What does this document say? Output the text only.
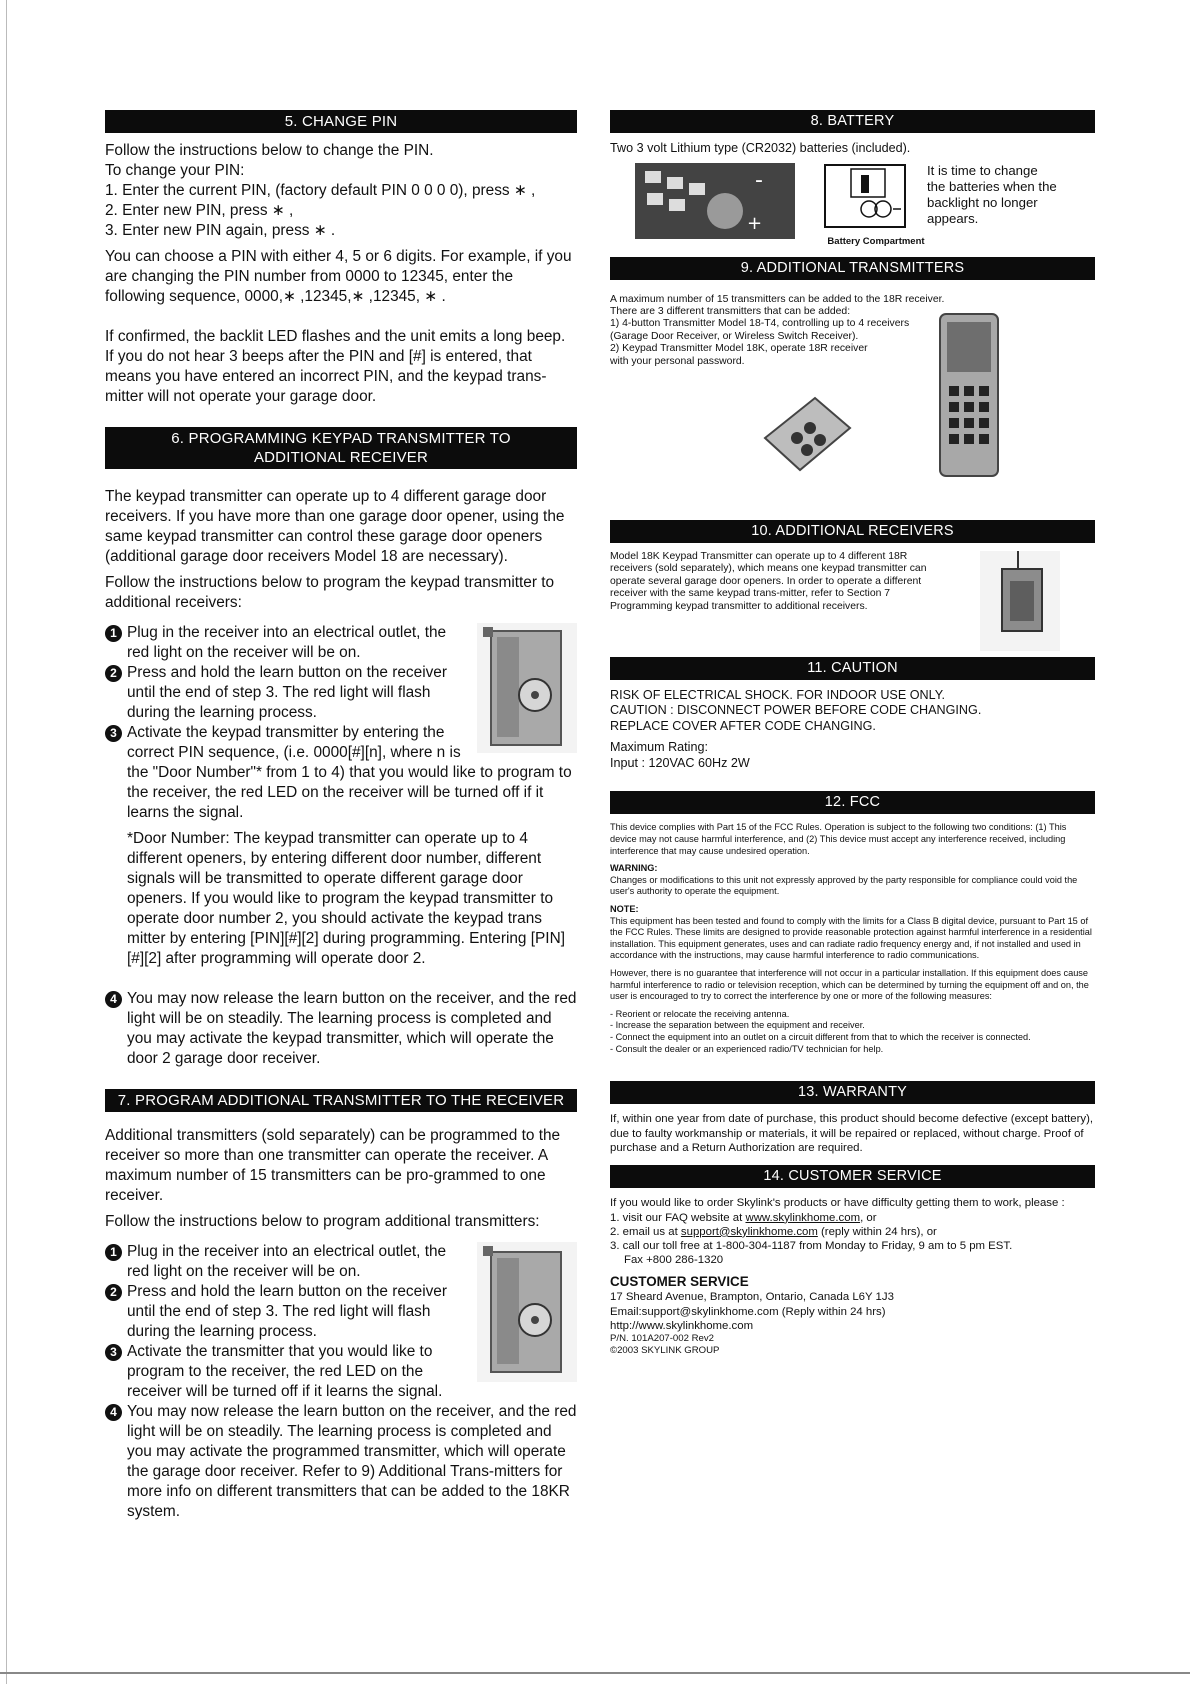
5. CHANGE PIN

Follow the instructions below to change the PIN.

To change your PIN:

1. Enter the current PIN, (factory default PIN 0 0 0 0), press ∗ ,

2. Enter new PIN, press ∗ ,

3. Enter new PIN again, press ∗ .

You can choose a PIN with either 4, 5 or 6 digits. For example, if you are changing the PIN number from 0000 to 12345, enter the following sequence, 0000,∗ ,12345,∗ ,12345, ∗ .

If confirmed, the backlit LED flashes and the unit emits a long beep.

If you do not hear 3 beeps after the PIN and [#] is entered, that means you have entered an incorrect PIN, and the keypad trans-mitter will not operate your garage door.

6. PROGRAMMING KEYPAD TRANSMITTER TO
ADDITIONAL RECEIVER

The keypad transmitter can operate up to 4 different garage door receivers. If you have more than one garage door opener, using the same keypad transmitter can control these garage door openers (additional garage door receivers Model 18 are necessary).

Follow the instructions below to program the keypad transmitter to additional receivers:

1 Plug in the receiver into an electrical outlet, the red light on the receiver will be on.
2 Press and hold the learn button on the receiver until the end of step 3. The red light will flash during the learning process.
3 Activate the keypad transmitter by entering the correct PIN sequence, (i.e. 0000[#][n], where n is the "Door Number"* from 1 to 4) that you would like to program to the receiver, the red LED on the receiver will be turned off if it learns the signal.

*Door Number: The keypad transmitter can operate up to 4 different openers, by entering different door number, different signals will be transmitted to operate different garage door openers. If you would like to program the keypad transmitter to operate door number 2, you should activate the keypad trans mitter by entering [PIN][#][2] during programming. Entering [PIN][#][2] after programming will operate door 2.

4 You may now release the learn button on the receiver, and the red light will be on steadily. The learning process is completed and you may activate the keypad transmitter, which will operate the door 2 garage door receiver.
7. PROGRAM ADDITIONAL TRANSMITTER TO THE RECEIVER

Additional transmitters (sold separately) can be programmed to the receiver so more than one transmitter can operate the receiver. A maximum number of 15 transmitters can be pro-grammed to one receiver.

Follow the instructions below to program additional transmitters:

1 Plug in the receiver into an electrical outlet, the red light on the receiver will be on.
2 Press and hold the learn button on the receiver until the end of step 3. The red light will flash during the learning process.
3 Activate the transmitter that you would like to program to the receiver, the red LED on the receiver will be turned off if it learns the signal.
4 You may now release the learn button on the receiver, and the red light will be on steadily. The learning process is completed and you may activate the programmed transmitter, which will operate the garage door receiver. Refer to 9) Additional Trans-mitters for more info on different transmitters that can be added to the 18KR system.
8. BATTERY

Two 3 volt Lithium type (CR2032) batteries (included).

-
+
Battery Compartment

It is time to change the batteries when the backlight no longer appears.

9. ADDITIONAL TRANSMITTERS

A maximum number of 15 transmitters can be added to the 18R receiver.

There are 3 different transmitters that can be added:

1) 4-button Transmitter Model 18-T4, controlling up to 4 receivers

(Garage Door Receiver, or Wireless Switch Receiver).

2) Keypad Transmitter Model 18K, operate 18R receiver

with your personal password.

10. ADDITIONAL RECEIVERS

Model 18K Keypad Transmitter can operate up to 4 different 18R receivers (sold separately), which means one keypad transmitter can operate several garage door openers. In order to operate a different receiver with the same keypad trans-mitter, refer to Section 7 Programming keypad transmitter to additional receivers.

11. CAUTION

RISK OF ELECTRICAL SHOCK. FOR INDOOR USE ONLY.

CAUTION : DISCONNECT POWER BEFORE CODE CHANGING.

REPLACE COVER AFTER CODE CHANGING.

Maximum Rating:

Input : 120VAC 60Hz 2W

12. FCC

This device complies with Part 15 of the FCC Rules. Operation is subject to the following two conditions: (1) This device may not cause harmful interference, and (2) This device must accept any interference received, including interference that may cause undesired operation.

WARNING:

Changes or modifications to this unit not expressly approved by the party responsible for compliance could void the user's authority to operate the equipment.

NOTE:

This equipment has been tested and found to comply with the limits for a Class B digital device, pursuant to Part 15 of the FCC Rules. These limits are designed to provide reasonable protection against harmful interference in a residential installation. This equipment generates, uses and can radiate radio frequency energy and, if not installed and used in accordance with the instructions, may cause harmful interference to radio communications.

However, there is no guarantee that interference will not occur in a particular installation. If this equipment does cause harmful interference to radio or television reception, which can be determined by turning the equipment off and on, the user is encouraged to try to correct the interference by one or more of the following measures:

- Reorient or relocate the receiving antenna.
- Increase the separation between the equipment and receiver.
- Connect the equipment into an outlet on a circuit different from that to which the receiver is connected.
- Consult the dealer or an experienced radio/TV technician for help.
13. WARRANTY

If, within one year from date of purchase, this product should become defective (except battery), due to faulty workmanship or materials, it will be repaired or replaced, without charge. Proof of purchase and a Return Authorization are required.

14. CUSTOMER SERVICE

If you would like to order Skylink's products or have difficulty getting them to work, please :

1. visit our FAQ website at www.skylinkhome.com, or

2. email us at support@skylinkhome.com (reply within 24 hrs), or

3. call our toll free at 1-800-304-1187 from Monday to Friday, 9 am to 5 pm EST.

Fax +800 286-1320

CUSTOMER SERVICE

17 Sheard Avenue, Brampton, Ontario, Canada L6Y 1J3

Email:support@skylinkhome.com (Reply within 24 hrs)

http://www.skylinkhome.com

P/N. 101A207-002 Rev2

©2003 SKYLINK GROUP
